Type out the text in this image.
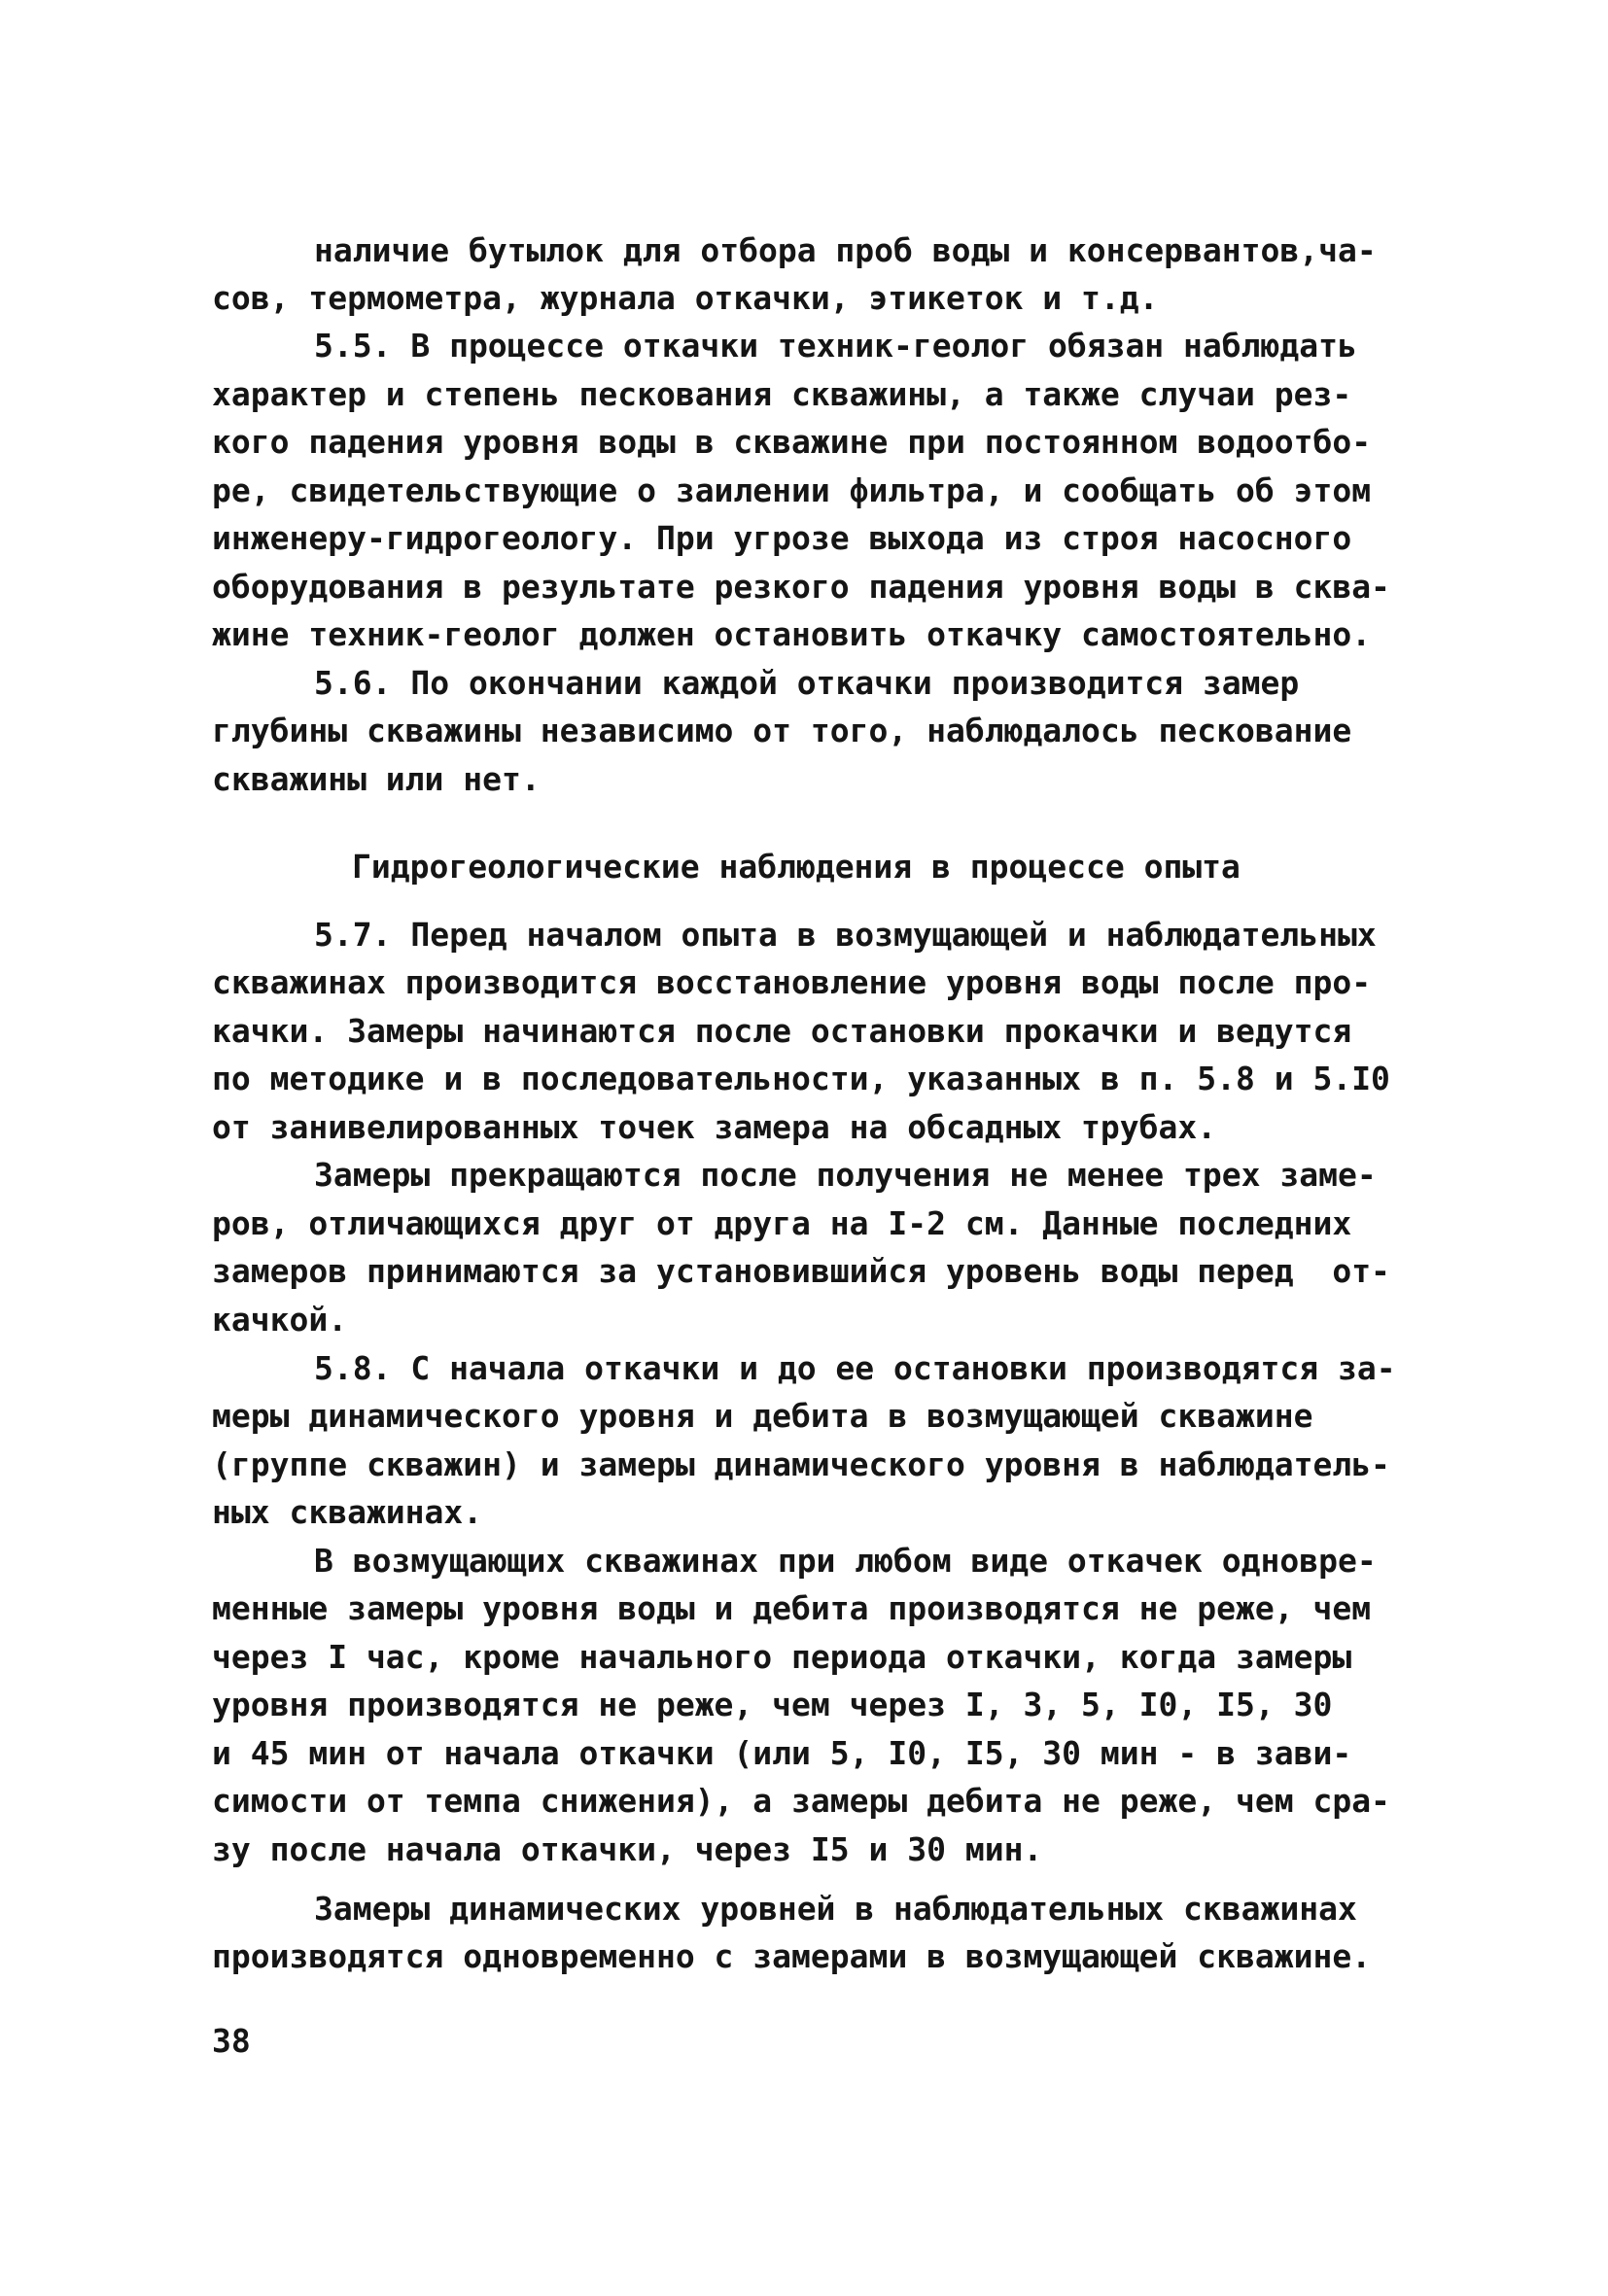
наличие бутылок для отбора проб воды и консервантов,ча-
сов, термометра, журнала откачки, этикеток и т.д.
5.5. В процессе откачки техник-геолог обязан наблюдать
характер и степень пескования скважины, а также случаи рез-
кого падения уровня воды в скважине при постоянном водоотбо-
ре, свидетельствующие о заилении фильтра, и сообщать об этом
инженеру-гидрогеологу. При угрозе выхода из строя насосного
оборудования в результате резкого падения уровня воды в сква-
жине техник-геолог должен остановить откачку самостоятельно.
5.6. По окончании каждой откачки производится замер
глубины скважины независимо от того, наблюдалось пескование
скважины или нет.
Гидрогеологические наблюдения в процессе опыта
5.7. Перед началом опыта в возмущающей и наблюдательных
скважинах производится восстановление уровня воды после про-
качки. Замеры начинаются после остановки прокачки и ведутся
по методике и в последовательности, указанных в п. 5.8 и 5.I0
от занивелированных точек замера на обсадных трубах.
Замеры прекращаются после получения не менее трех заме-
ров, отличающихся друг от друга на I-2 см. Данные последних
замеров принимаются за установившийся уровень воды перед  от-
качкой.
5.8. С начала откачки и до ее остановки производятся за-
меры динамического уровня и дебита в возмущающей скважине
(группе скважин) и замеры динамического уровня в наблюдатель-
ных скважинах.
В возмущающих скважинах при любом виде откачек одновре-
менные замеры уровня воды и дебита производятся не реже, чем
через I час, кроме начального периода откачки, когда замеры
уровня производятся не реже, чем через I, 3, 5, I0, I5, 30
и 45 мин от начала откачки (или 5, I0, I5, 30 мин - в зави-
симости от темпа снижения), а замеры дебита не реже, чем сра-
зу после начала откачки, через I5 и 30 мин.
Замеры динамических уровней в наблюдательных скважинах
производятся одновременно с замерами в возмущающей скважине.
38
